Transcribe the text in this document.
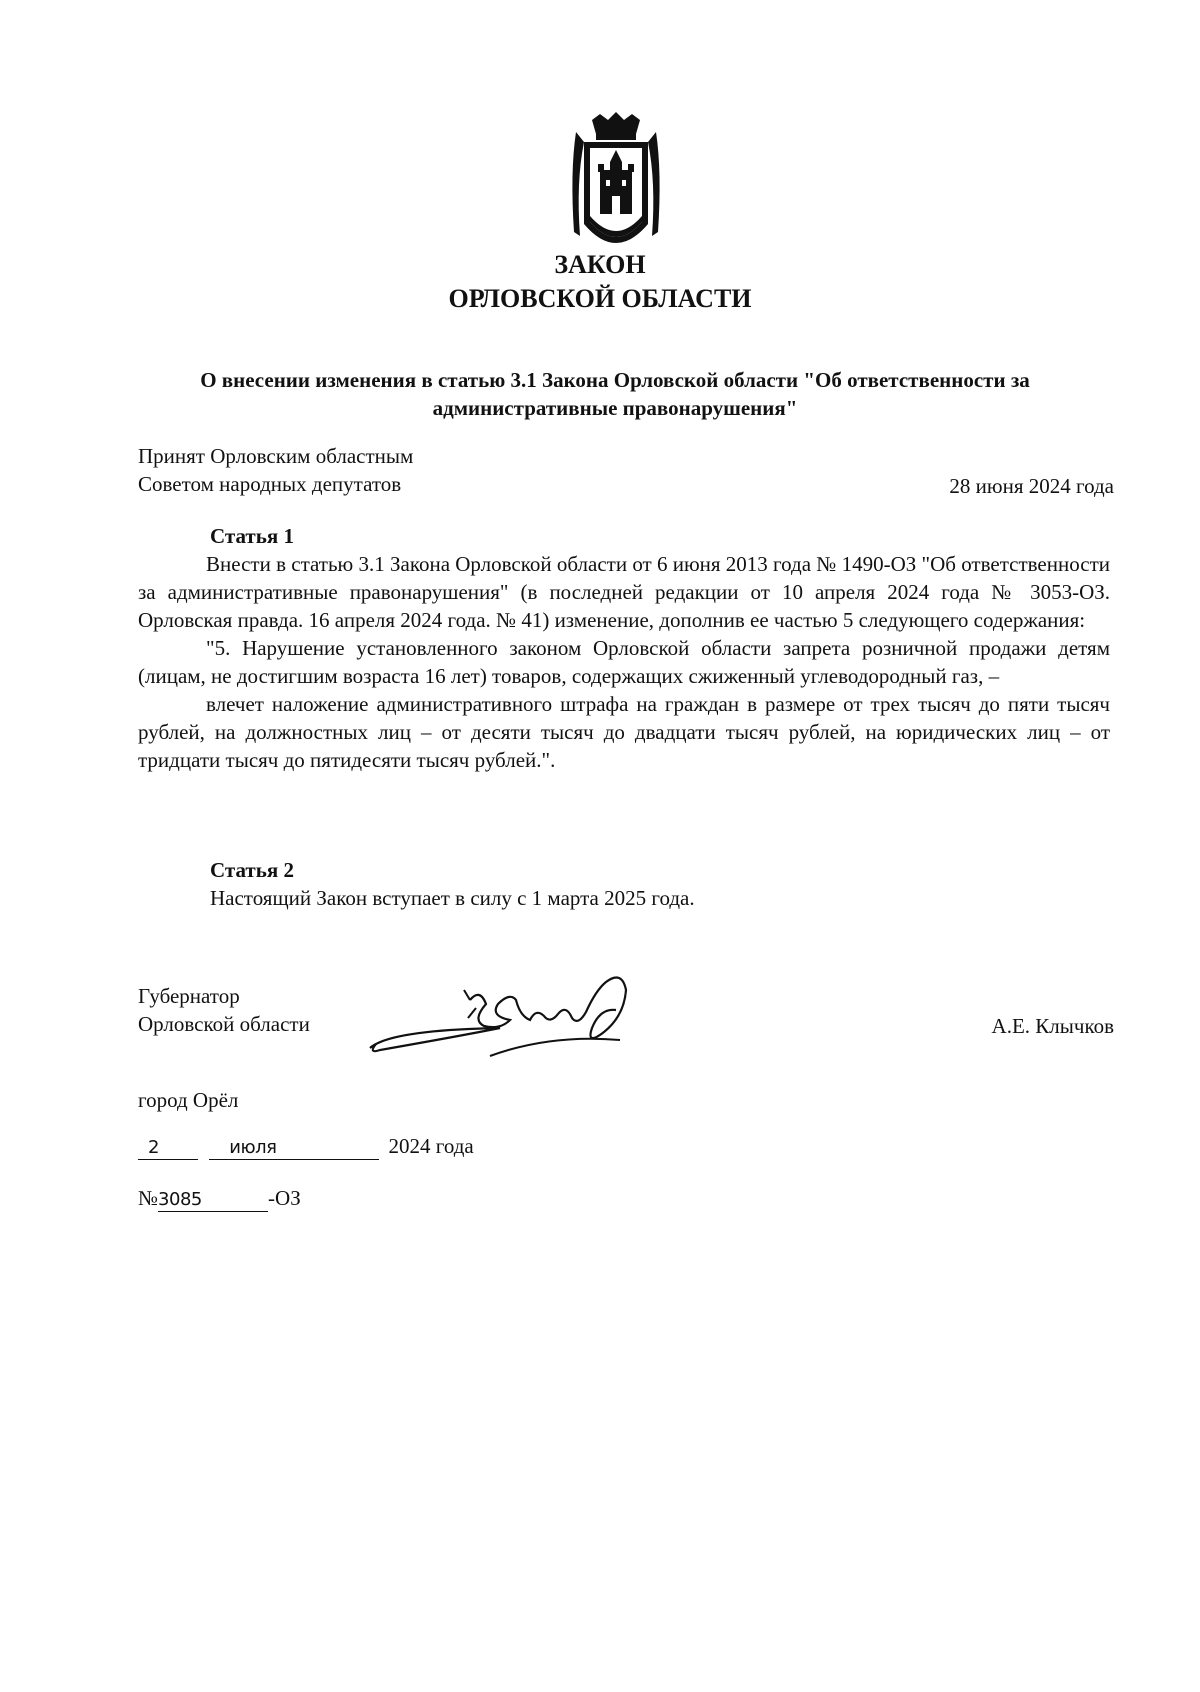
ЗАКОН
ОРЛОВСКОЙ ОБЛАСТИ
О внесении изменения в статью 3.1 Закона Орловской области "Об ответственности за
административные правонарушения"
Принят Орловским областным
Советом народных депутатов	28 июня 2024 года
Статья 1

Внести в статью 3.1 Закона Орловской области от 6 июня 2013 года № 1490-ОЗ "Об ответственности за административные правонарушения" (в последней редакции от 10 апреля 2024 года № 3053-ОЗ. Орловская правда. 16 апреля 2024 года. № 41) изменение, дополнив ее частью 5 следующего содержания:

"5. Нарушение установленного законом Орловской области запрета розничной продажи детям (лицам, не достигшим возраста 16 лет) товаров, содержащих сжиженный углеводородный газ, –

влечет наложение административного штрафа на граждан в размере от трех тысяч до пяти тысяч рублей, на должностных лиц – от десяти тысяч до двадцати тысяч рублей, на юридических лиц – от тридцати тысяч до пятидесяти тысяч рублей.".

Статья 2
Настоящий Закон вступает в силу с 1 марта 2025 года.
Губернатор
Орловской области	А.Е. Клычков
город Орёл
2	июля	2024 года
№3085	-ОЗ
